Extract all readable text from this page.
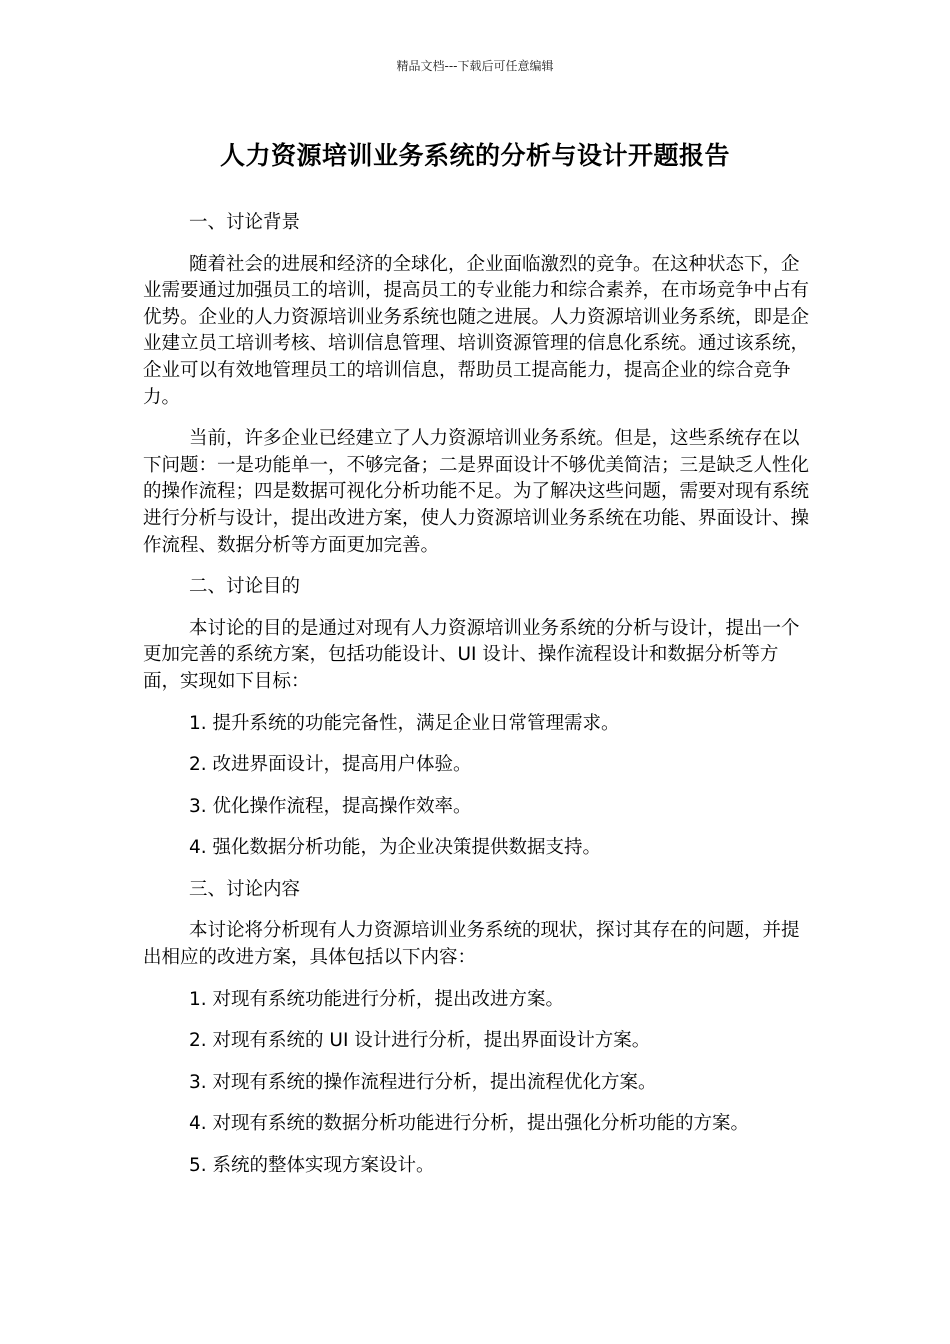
精品文档---下载后可任意编辑
人力资源培训业务系统的分析与设计开题报告

一、讨论背景

随着社会的进展和经济的全球化，企业面临激烈的竞争。在这种状态下，企业需要通过加强员工的培训，提高员工的专业能力和综合素养，在市场竞争中占有优势。企业的人力资源培训业务系统也随之进展。人力资源培训业务系统，即是企业建立员工培训考核、培训信息管理、培训资源管理的信息化系统。通过该系统，企业可以有效地管理员工的培训信息，帮助员工提高能力，提高企业的综合竞争力。

当前，许多企业已经建立了人力资源培训业务系统。但是，这些系统存在以下问题：一是功能单一，不够完备；二是界面设计不够优美简洁；三是缺乏人性化的操作流程；四是数据可视化分析功能不足。为了解决这些问题，需要对现有系统进行分析与设计，提出改进方案，使人力资源培训业务系统在功能、界面设计、操作流程、数据分析等方面更加完善。

二、讨论目的

本讨论的目的是通过对现有人力资源培训业务系统的分析与设计，提出一个更加完善的系统方案，包括功能设计、UI 设计、操作流程设计和数据分析等方面，实现如下目标：

1. 提升系统的功能完备性，满足企业日常管理需求。

2. 改进界面设计，提高用户体验。

3. 优化操作流程，提高操作效率。

4. 强化数据分析功能，为企业决策提供数据支持。

三、讨论内容

本讨论将分析现有人力资源培训业务系统的现状，探讨其存在的问题，并提出相应的改进方案，具体包括以下内容：

1. 对现有系统功能进行分析，提出改进方案。

2. 对现有系统的 UI 设计进行分析，提出界面设计方案。

3. 对现有系统的操作流程进行分析，提出流程优化方案。

4. 对现有系统的数据分析功能进行分析，提出强化分析功能的方案。

5. 系统的整体实现方案设计。
